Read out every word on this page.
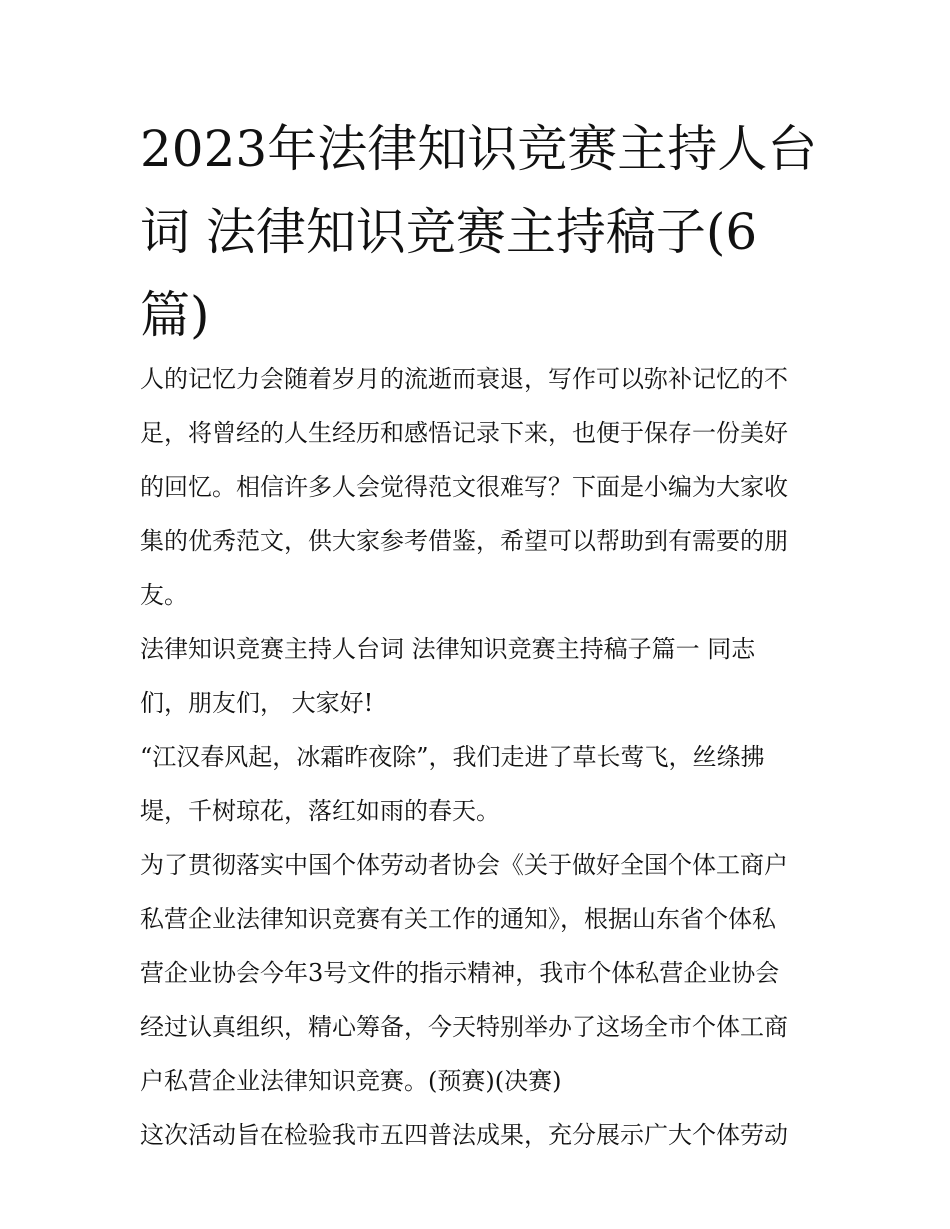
2023年法律知识竞赛主持人台
词 法律知识竞赛主持稿子(6
篇)
人的记忆力会随着岁月的流逝而衰退，写作可以弥补记忆的不
足，将曾经的人生经历和感悟记录下来，也便于保存一份美好
的回忆。相信许多人会觉得范文很难写？下面是小编为大家收
集的优秀范文，供大家参考借鉴，希望可以帮助到有需要的朋
友。
法律知识竞赛主持人台词 法律知识竞赛主持稿子篇一 同志
们，朋友们， 大家好!
“江汉春风起，冰霜昨夜除”，我们走进了草长莺飞，丝绦拂
堤，千树琼花，落红如雨的春天。
为了贯彻落实中国个体劳动者协会《关于做好全国个体工商户
私营企业法律知识竞赛有关工作的通知》，根据山东省个体私
营企业协会今年3号文件的指示精神，我市个体私营企业协会
经过认真组织，精心筹备，今天特别举办了这场全市个体工商
户私营企业法律知识竞赛。(预赛)(决赛)
这次活动旨在检验我市五四普法成果，充分展示广大个体劳动
